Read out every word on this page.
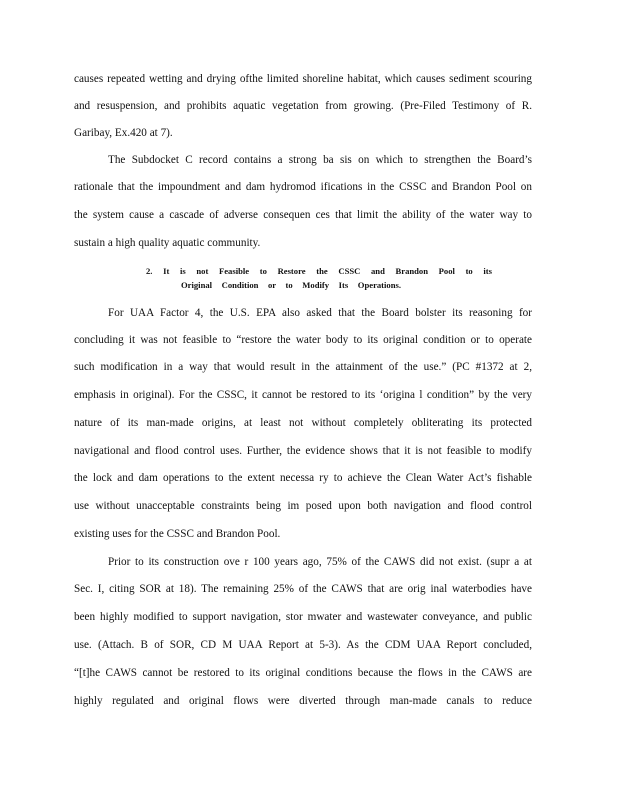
causes repeated wetting and drying ofthe limited shoreline habitat, which causes sediment scouring
and resuspension, and prohibits aquatic vegetation from growing. (Pre-Filed Testimony of R.
Garibay, Ex.420 at 7).
The Subdocket C record contains a strong ba sis on which to strengthen the Board’s
rationale that the impoundment and dam hydromod ifications in the CSSC and Brandon Pool on
the system cause a cascade of adverse consequen ces that limit the ability of the water way to
sustain a high quality aquatic community.
2. It is not Feasible to Restore the CSSC and Brandon Pool to its
Original Condition or to Modify Its Operations.
For UAA Factor 4, the U.S. EPA also asked that the Board bolster its reasoning for
concluding it was not feasible to “restore the water body to its original condition or to operate
such modification in a way that would result in the attainment of the use.” (PC #1372 at 2,
emphasis in original). For the CSSC, it cannot be restored to its ‘origina l condition” by the very
nature of its man-made origins, at least not without completely obliterating its protected
navigational and flood control uses. Further, the evidence shows that it is not feasible to modify
the lock and dam operations to the extent necessa ry to achieve the Clean Water Act’s fishable
use without unacceptable constraints being im posed upon both navigation and flood control
existing uses for the CSSC and Brandon Pool.
Prior to its construction ove r 100 years ago, 75% of the CAWS did not exist. (supr a at
Sec. I, citing SOR at 18). The remaining 25% of the CAWS that are orig inal waterbodies have
been highly modified to support navigation, stor mwater and wastewater conveyance, and public
use. (Attach. B of SOR, CD M UAA Report at 5-3). As the CDM UAA Report concluded,
“[t]he CAWS cannot be restored to its original conditions because the flows in the CAWS are
highly regulated and original flows were diverted through man-made canals to reduce
